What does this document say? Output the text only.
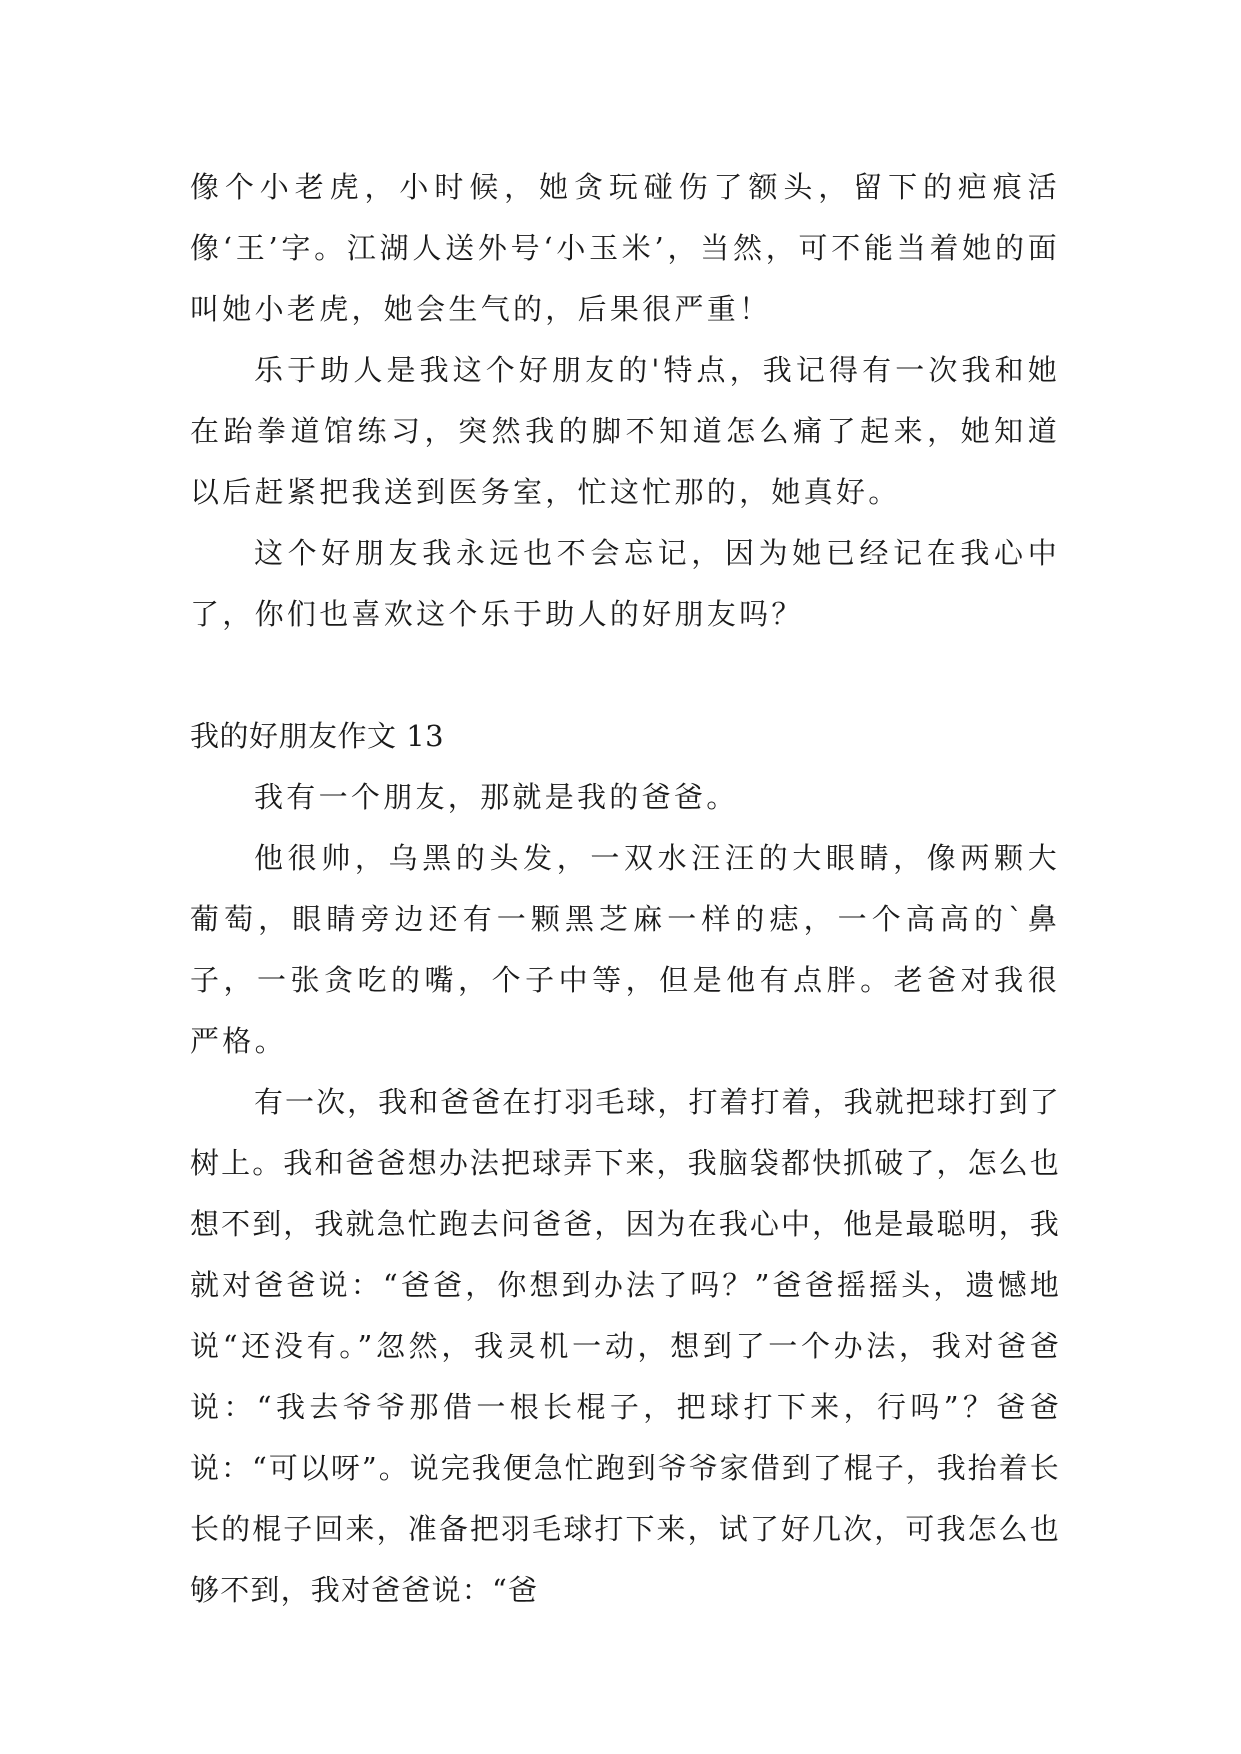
像个小老虎，小时候，她贪玩碰伤了额头，留下的疤痕活像‘王’字。江湖人送外号‘小玉米’，当然，可不能当着她的面叫她小老虎，她会生气的，后果很严重！

乐于助人是我这个好朋友的'特点，我记得有一次我和她在跆拳道馆练习，突然我的脚不知道怎么痛了起来，她知道以后赶紧把我送到医务室，忙这忙那的，她真好。

这个好朋友我永远也不会忘记，因为她已经记在我心中了，你们也喜欢这个乐于助人的好朋友吗？

我的好朋友作文 13

我有一个朋友，那就是我的爸爸。

他很帅，乌黑的头发，一双水汪汪的大眼睛，像两颗大葡萄，眼睛旁边还有一颗黑芝麻一样的痣，一个高高的`鼻子，一张贪吃的嘴，个子中等，但是他有点胖。老爸对我很严格。

有一次，我和爸爸在打羽毛球，打着打着，我就把球打到了树上。我和爸爸想办法把球弄下来，我脑袋都快抓破了，怎么也想不到，我就急忙跑去问爸爸，因为在我心中，他是最聪明，我就对爸爸说：“爸爸，你想到办法了吗？”爸爸摇摇头，遗憾地说“还没有。”忽然，我灵机一动，想到了一个办法，我对爸爸说：“我去爷爷那借一根长棍子，把球打下来，行吗”？爸爸说：“可以呀”。说完我便急忙跑到爷爷家借到了棍子，我抬着长长的棍子回来，准备把羽毛球打下来，试了好几次，可我怎么也够不到，我对爸爸说：“爸
